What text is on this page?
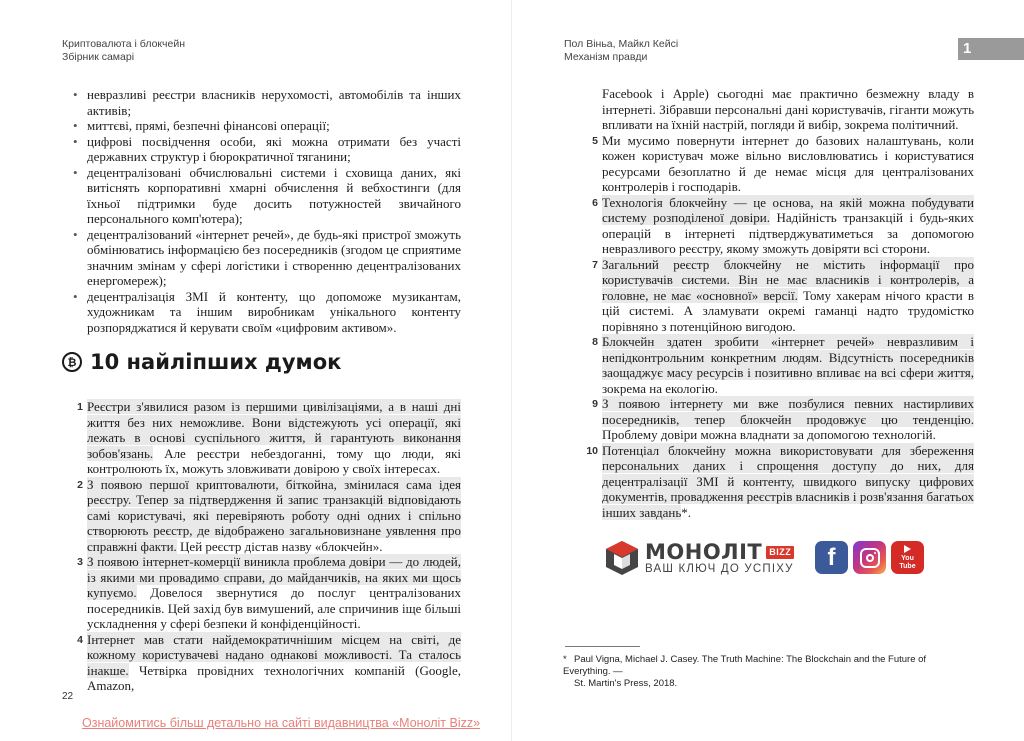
Криптовалюта і блокчейн
Збірник самарі
• невразливі реєстри власників нерухомості, автомобілів та інших активів;
• миттєві, прямі, безпечні фінансові операції;
• цифрові посвідчення особи, які можна отримати без участі державних структур і бюрократичної тяганини;
• децентралізовані обчислювальні системи і сховища даних, які витіснять корпоративні хмарні обчислення й вебхостинги (для їхньої підтримки буде досить потужностей звичайного персонального комп'ютера);
• децентралізований «інтернет речей», де будь-які пристрої зможуть обмінюватись інформацією без посередників (згодом це сприятиме значним змінам у сфері логістики і створенню децентралізованих енергомереж);
• децентралізація ЗМІ й контенту, що допоможе музикантам, художникам та іншим виробникам унікального контенту розпоряджатися й керувати своїм «цифровим активом».
₿ 10 найліпших думок
1 Реєстри з'явилися разом із першими цивілізаціями, а в наші дні життя без них неможливе. Вони відстежують усі операції, які лежать в основі суспільного життя, й гарантують виконання зобов'язань. Але реєстри небездоганні, тому що люди, які контролюють їх, можуть зловживати довірою у своїх інтересах.
2 З появою першої криптовалюти, біткойна, змінилася сама ідея реєстру. Тепер за підтвердження й запис транзакцій відповідають самі користувачі, які перевіряють роботу одні одних і спільно створюють реєстр, де відображено загальновизнане уявлення про справжні факти. Цей реєстр дістав назву «блокчейн».
3 З появою інтернет-комерції виникла проблема довіри — до людей, із якими ми провадимо справи, до майданчиків, на яких ми щось купуємо. Довелося звернутися до послуг централізованих посередників. Цей захід був вимушений, але спричинив іще більші ускладнення у сфері безпеки й конфіденційності.
4 Інтернет мав стати найдемократичнішим місцем на світі, де кожному користувачеві надано однакові можливості. Та сталось інакше. Четвірка провідних технологічних компаній (Google, Amazon,
22
Ознайомитись більш детально на сайті видавництва «Моноліт Bizz»
Пол Віньа, Майкл Кейсі
Механізм правди	1
Facebook і Apple) сьогодні має практично безмежну владу в інтернеті. Зібравши персональні дані користувачів, гіганти можуть впливати на їхній настрій, погляди й вибір, зокрема політичний.
5 Ми мусимо повернути інтернет до базових налаштувань, коли кожен користувач може вільно висловлюватись і користуватися ресурсами безоплатно й де немає місця для централізованих контролерів і господарів.
6 Технологія блокчейну — це основа, на якій можна побудувати систему розподіленої довіри. Надійність транзакцій і будь-яких операцій в інтернеті підтверджуватиметься за допомогою невразливого реєстру, якому зможуть довіряти всі сторони.
7 Загальний реєстр блокчейну не містить інформації про користувачів системи. Він не має власників і контролерів, а головне, не має «основної» версії. Тому хакерам нічого красти в цій системі. А зламувати окремі гаманці надто трудомістко порівняно з потенційною вигодою.
8 Блокчейн здатен зробити «інтернет речей» невразливим і непідконтрольним конкретним людям. Відсутність посередників заощаджує масу ресурсів і позитивно впливає на всі сфери життя, зокрема на екологію.
9 З появою інтернету ми вже позбулися певних настирливих посередників, тепер блокчейн продовжує цю тенденцію. Проблему довіри можна владнати за допомогою технологій.
10 Потенціал блокчейну можна використовувати для збереження персональних даних і спрощення доступу до них, для децентралізації ЗМІ й контенту, швидкого випуску цифрових документів, провадження реєстрів власників і розв'язання багатьох інших завдань*.
МОНОЛІТ BIZZ
ВАШ КЛЮЧ ДО УСПІХУ f	You
Tube
* Paul Vigna, Michael J. Casey. The Truth Machine: The Blockchain and the Future of Everything. —
St. Martin's Press, 2018.
